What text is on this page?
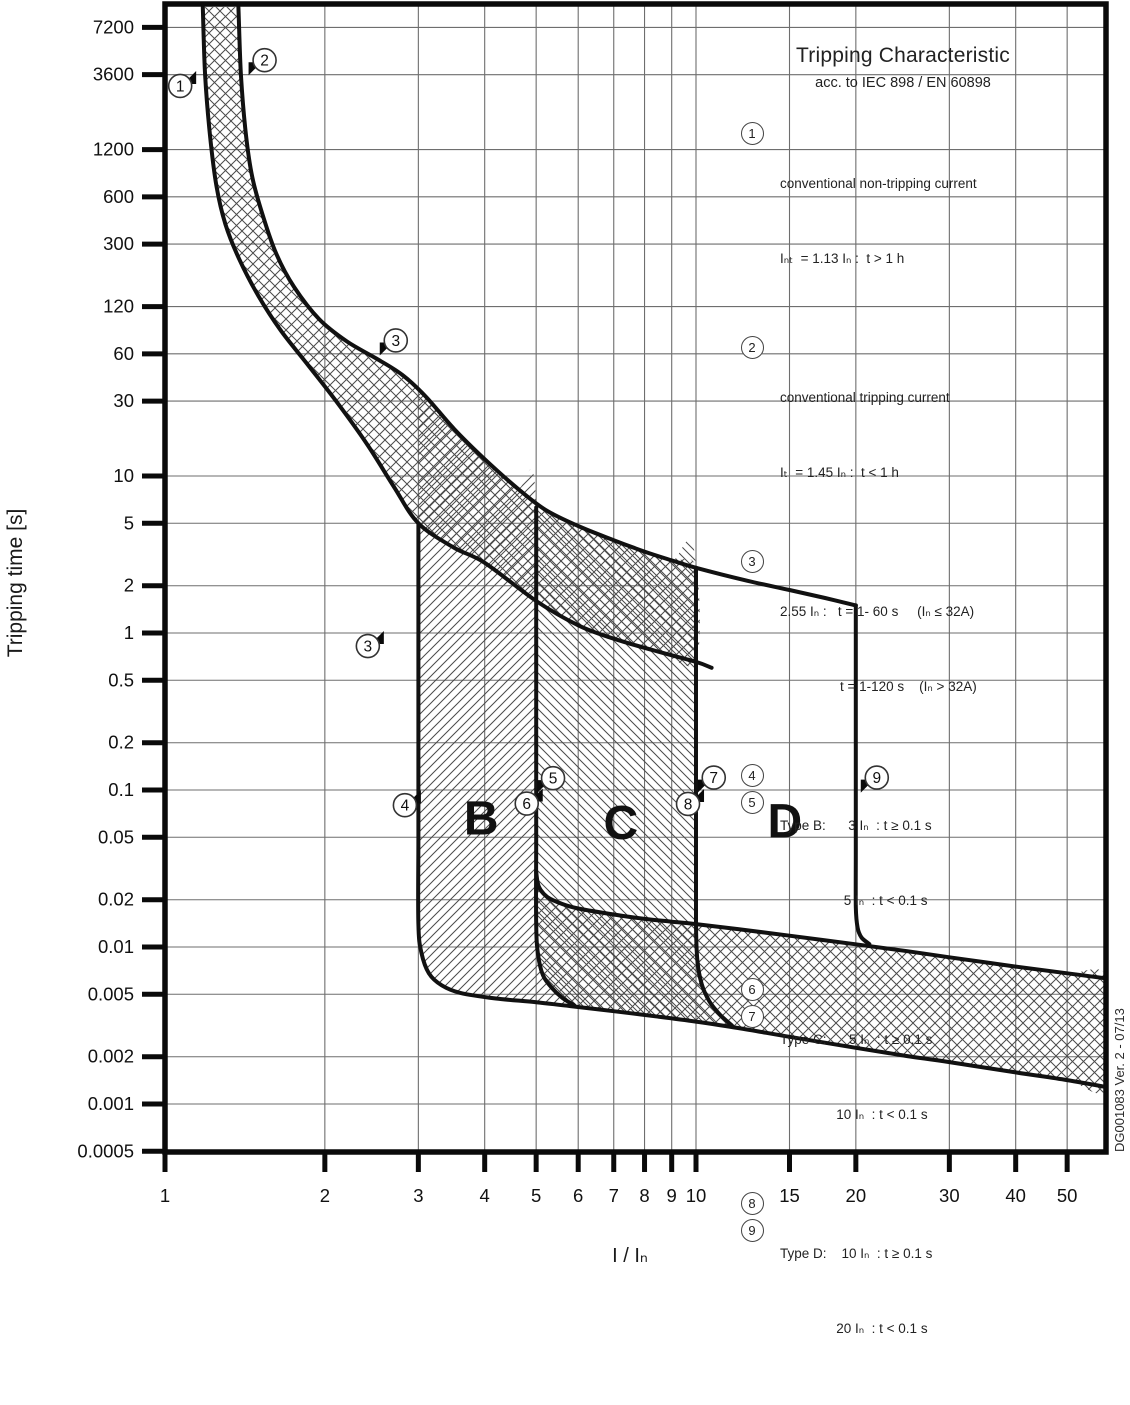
7200
3600
1200
600
300
120
60
30
10
5
2
1
0.5
0.2
0.1
0.05
0.02
0.01
0.005
0.002
0.001
0.0005
1	2	3	4 5 6 7 8 9 10	15 20	30 40 50
B C	D
1
2
3
3
4
5
6
7
8
9
Tripping time [s]
I / Iₙ
DG001083 Ver. 2 - 07/13
Tripping Characteristic
acc. to IEC 898 / EN 60898
1

conventional non-tripping current

Iₙₜ  = 1.13 Iₙ :  t > 1 h

2

conventional tripping current

Iₜ  = 1.45 Iₙ :  t < 1 h

3

2.55 Iₙ :   t = 1- 60 s     (Iₙ ≤ 32A)

t = 1-120 s    (Iₙ > 32A)

4
5

Type B:      3 Iₙ  : t ≥ 0.1 s

5 Iₙ  : t < 0.1 s

6
7

Type C:      5 Iₙ  : t ≥ 0.1 s

10 Iₙ  : t < 0.1 s

8
9

Type D:    10 Iₙ  : t ≥ 0.1 s

20 Iₙ  : t < 0.1 s
